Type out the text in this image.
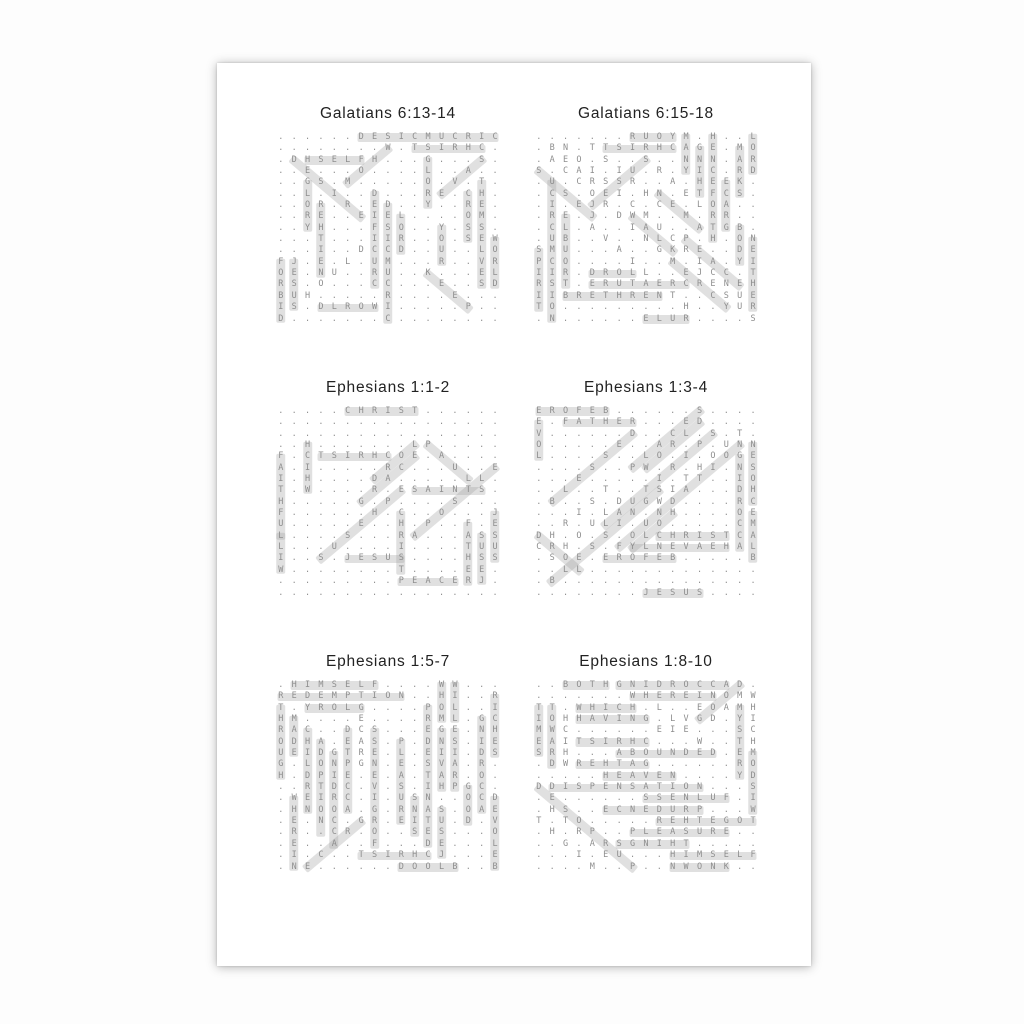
Galatians 6:13-14
......DESICMUCRIC
........W.TSIRHC.
.DHSELFH...G...S.
..E...O....L..A..
..GS.M.....O.V.T.
..L.I..D...RE.CH.
..OR.R.ED..Y..RE.
..RE..EIEL....OM.
..YH...FSO..Y.SS.
...T...IIR..O.SEW
...I..DCCD..U..LO
FJ.E.L.UM...R..VR
OE.NU..RU..K...EL
RS.O...CC...E..SD
BUH.....R....E...
IS.DLROWI.....P..
D.......C........
Galatians 6:15-18
.......RUOYM.H..L
.BN.TTSIRHCAGE.MO
.AEO.S..S..NNN.AR
S.CAI.IU.R.YIC.RD
.U.CRSSR..A.HEEK.
.CS.OEI.HN.ETFCS.
.I.EJR.C.CE.LOA..
.RE.J.DWM..M.RR..
.CL.A..IAU..ATGB.
.UB..V..NLCP.H.ON
SMU...A..GKRE..DE
PCO....I..M.IA.YI
IIR.DROLL..EJCC.T
RST.ERUTAERCRENEH
IIBRETHRENT..CSUE
TO.........H..YUR
.N......ELUR....S
Ephesians 1:1-2
.....CHRIST......
.................
.................
..H.......LP.....
F.CTSIRHCOE.A....
A.I.....RC...U..E
I.H....DA.....LL.
T.W....R.ESAINTS.
H.....G.P....S...
F......H.C..O...J
U.....E..H.P..F.E
L....S...RA...ASS
L...U....I....TUU
I..S.JESUS....HSS
W........T....EE.
.........PEACERJ.
.................
Ephesians 1:3-4
EROFEB......S....
E.FATHER...ED....
V......D..CL.S.T.
O.....E..AR.P.UNN
L....S..LO.I.OOGE
....S..PW.R.HI.NS
...E.....I.TT..IO
..L..T..TSIA...DH
.B..S.DUGWD....RC
...I.LAN.NH....OE
..R.ULI.UO.....CM
DH.O.S.OLCHRISTCA
CRH.S.FYLNEVAEHAL
.SOE.EROFEB.....B
..LL.............
.B...............
........JESUS....
Ephesians 1:5-7
.HIMSELF....WW...
REDEMPTION..HI..R
T.YROLG....POL..I
HM....E....RML.GC
RAC..DCS...EGE.NH
ODHA.EAS.P.DNS.IE
UEIDGTRE.L.EII.DS
G.LONPGN.E.SVA.R.
H.DPIE.E.A.TAR.O.
..RTDC.V.S.IHPGC.
.WEIRC.I.USN..OCD
.HNOOA.G.RNAS.OAE
.E.NC.GR.EITU.D.V
.R..CR.O..SES...O
.E..A..F...DE...L
.I.C..TSIRHCJ...E
.NE......DOOLB..B
Ephesians 1:8-10
..BOTHGNIDROCCAD.
.......WHEREINOMW
TT.WHICH.L..EOAMH
IOHHAVING.LVGD.YI
MWC......EIE...SC
EAITSIRHC...W..TH
SRH...ABOUNDED.EM
.DWREHTAG......RO
.....HEAVEN....YD
DDISPENSATION...S
.E......SSENLUF.I
.HS..ECNEDURP...W
T.TO.....REHTEGOT
.H.RP..PLEASURE..
..G.ARSGNIHT.....
...I.EU...HIMSELF
....M..P..NWONK..
